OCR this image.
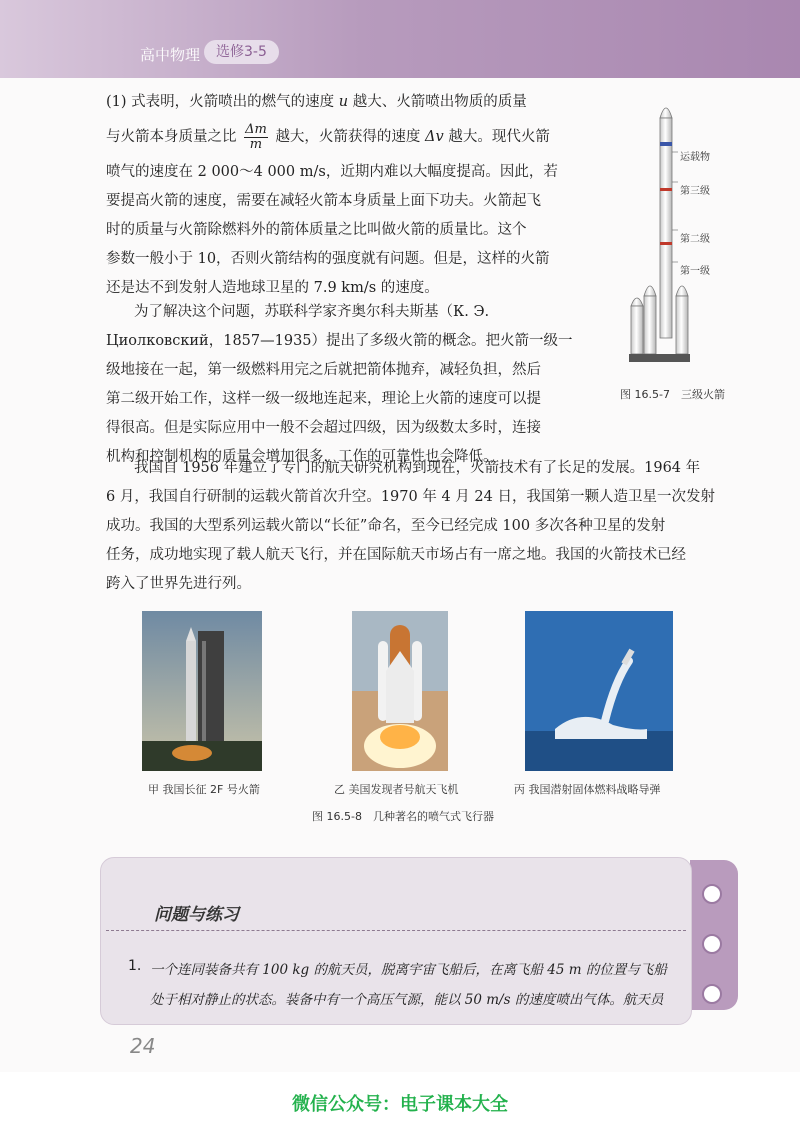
高中物理	选修3-5
(1) 式表明，火箭喷出的燃气的速度 u 越大、火箭喷出物质的质量
与火箭本身质量之比 $\frac{\Delta m}{m}$ 越大，火箭获得的速度 Δv 越大。现代火箭
喷气的速度在 2 000～4 000 m/s，近期内难以大幅度提高。因此，若
要提高火箭的速度，需要在减轻火箭本身质量上面下功夫。火箭起飞
时的质量与火箭除燃料外的箭体质量之比叫做火箭的质量比。这个
参数一般小于 10，否则火箭结构的强度就有问题。但是，这样的火箭
还是达不到发射人造地球卫星的 7.9 km/s 的速度。
为了解决这个问题，苏联科学家齐奥尔科夫斯基（К. Э.
Циолковский，1857—1935）提出了多级火箭的概念。把火箭一级一
级地接在一起，第一级燃料用完之后就把箭体抛弃，减轻负担，然后
第二级开始工作，这样一级一级地连起来，理论上火箭的速度可以提
得很高。但是实际应用中一般不会超过四级，因为级数太多时，连接
机构和控制机构的质量会增加很多，工作的可靠性也会降低。
我国自 1956 年建立了专门的航天研究机构到现在，火箭技术有了长足的发展。1964 年
6 月，我国自行研制的运载火箭首次升空。1970 年 4 月 24 日，我国第一颗人造卫星一次发射
成功。我国的大型系列运载火箭以“长征”命名，至今已经完成 100 多次各种卫星的发射
任务，成功地实现了载人航天飞行，并在国际航天市场占有一席之地。我国的火箭技术已经
跨入了世界先进行列。
运载物
第三级
第二级
第一级
图 16.5-7　三级火箭
甲 我国长征 2F 号火箭	乙 美国发现者号航天飞机	丙 我国潜射固体燃料战略导弹
图 16.5-8　几种著名的喷气式飞行器
问题与练习
1. 一个连同装备共有 100 kg 的航天员，脱离宇宙飞船后，在离飞船 45 m 的位置与飞船
处于相对静止的状态。装备中有一个高压气源，能以 50 m/s 的速度喷出气体。航天员
24
微信公众号：电子课本大全
